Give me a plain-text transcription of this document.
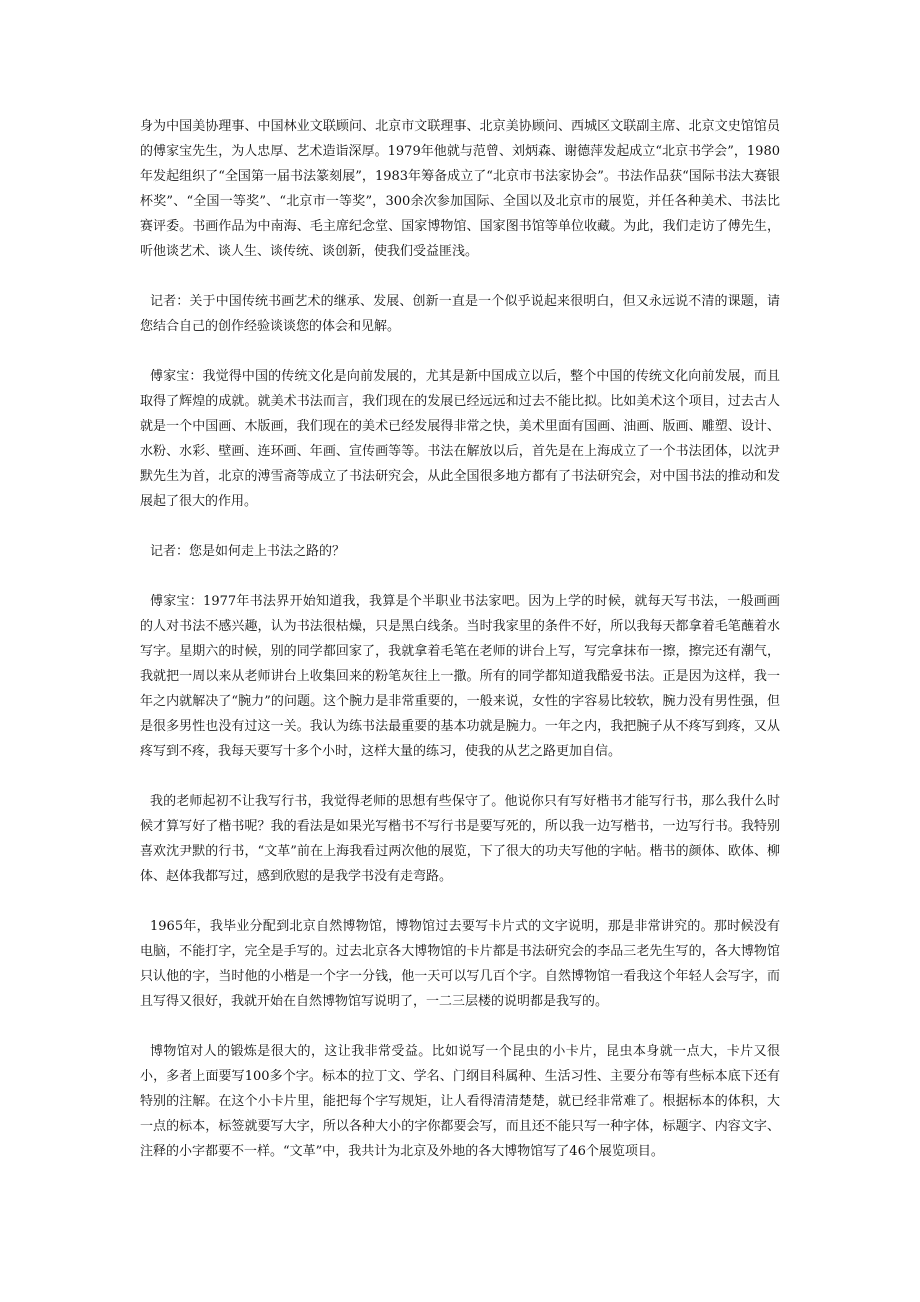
身为中国美协理事、中国林业文联顾问、北京市文联理事、北京美协顾问、西城区文联副主席、北京文史馆馆员的傅家宝先生，为人忠厚、艺术造诣深厚。1979年他就与范曾、刘炳森、谢德萍发起成立“北京书学会”，1980年发起组织了“全国第一届书法篆刻展”，1983年筹备成立了“北京市书法家协会”。书法作品获“国际书法大赛银杯奖”、“全国一等奖”、“北京市一等奖”，300余次参加国际、全国以及北京市的展览，并任各种美术、书法比赛评委。书画作品为中南海、毛主席纪念堂、国家博物馆、国家图书馆等单位收藏。为此，我们走访了傅先生，听他谈艺术、谈人生、谈传统、谈创新，使我们受益匪浅。

记者：关于中国传统书画艺术的继承、发展、创新一直是一个似乎说起来很明白，但又永远说不清的课题，请您结合自己的创作经验谈谈您的体会和见解。

傅家宝：我觉得中国的传统文化是向前发展的，尤其是新中国成立以后，整个中国的传统文化向前发展，而且取得了辉煌的成就。就美术书法而言，我们现在的发展已经远远和过去不能比拟。比如美术这个项目，过去古人就是一个中国画、木版画，我们现在的美术已经发展得非常之快，美术里面有国画、油画、版画、雕塑、设计、水粉、水彩、壁画、连环画、年画、宣传画等等。书法在解放以后，首先是在上海成立了一个书法团体，以沈尹默先生为首，北京的溥雪斋等成立了书法研究会，从此全国很多地方都有了书法研究会，对中国书法的推动和发展起了很大的作用。

记者：您是如何走上书法之路的？

傅家宝：1977年书法界开始知道我，我算是个半职业书法家吧。因为上学的时候，就每天写书法，一般画画的人对书法不感兴趣，认为书法很枯燥，只是黑白线条。当时我家里的条件不好，所以我每天都拿着毛笔蘸着水写字。星期六的时候，别的同学都回家了，我就拿着毛笔在老师的讲台上写，写完拿抹布一擦，擦完还有潮气，我就把一周以来从老师讲台上收集回来的粉笔灰往上一撒。所有的同学都知道我酷爱书法。正是因为这样，我一年之内就解决了“腕力”的问题。这个腕力是非常重要的，一般来说，女性的字容易比较软，腕力没有男性强，但是很多男性也没有过这一关。我认为练书法最重要的基本功就是腕力。一年之内，我把腕子从不疼写到疼，又从疼写到不疼，我每天要写十多个小时，这样大量的练习，使我的从艺之路更加自信。

我的老师起初不让我写行书，我觉得老师的思想有些保守了。他说你只有写好楷书才能写行书，那么我什么时候才算写好了楷书呢？我的看法是如果光写楷书不写行书是要写死的，所以我一边写楷书，一边写行书。我特别喜欢沈尹默的行书，“文革”前在上海我看过两次他的展览，下了很大的功夫写他的字帖。楷书的颜体、欧体、柳体、赵体我都写过，感到欣慰的是我学书没有走弯路。

1965年，我毕业分配到北京自然博物馆，博物馆过去要写卡片式的文字说明，那是非常讲究的。那时候没有电脑，不能打字，完全是手写的。过去北京各大博物馆的卡片都是书法研究会的李品三老先生写的，各大博物馆只认他的字，当时他的小楷是一个字一分钱，他一天可以写几百个字。自然博物馆一看我这个年轻人会写字，而且写得又很好，我就开始在自然博物馆写说明了，一二三层楼的说明都是我写的。

博物馆对人的锻炼是很大的，这让我非常受益。比如说写一个昆虫的小卡片，昆虫本身就一点大，卡片又很小，多者上面要写100多个字。标本的拉丁文、学名、门纲目科属种、生活习性、主要分布等有些标本底下还有特别的注解。在这个小卡片里，能把每个字写规矩，让人看得清清楚楚，就已经非常难了。根据标本的体积，大一点的标本，标签就要写大字，所以各种大小的字你都要会写，而且还不能只写一种字体，标题字、内容文字、注释的小字都要不一样。“文革”中，我共计为北京及外地的各大博物馆写了46个展览项目。
